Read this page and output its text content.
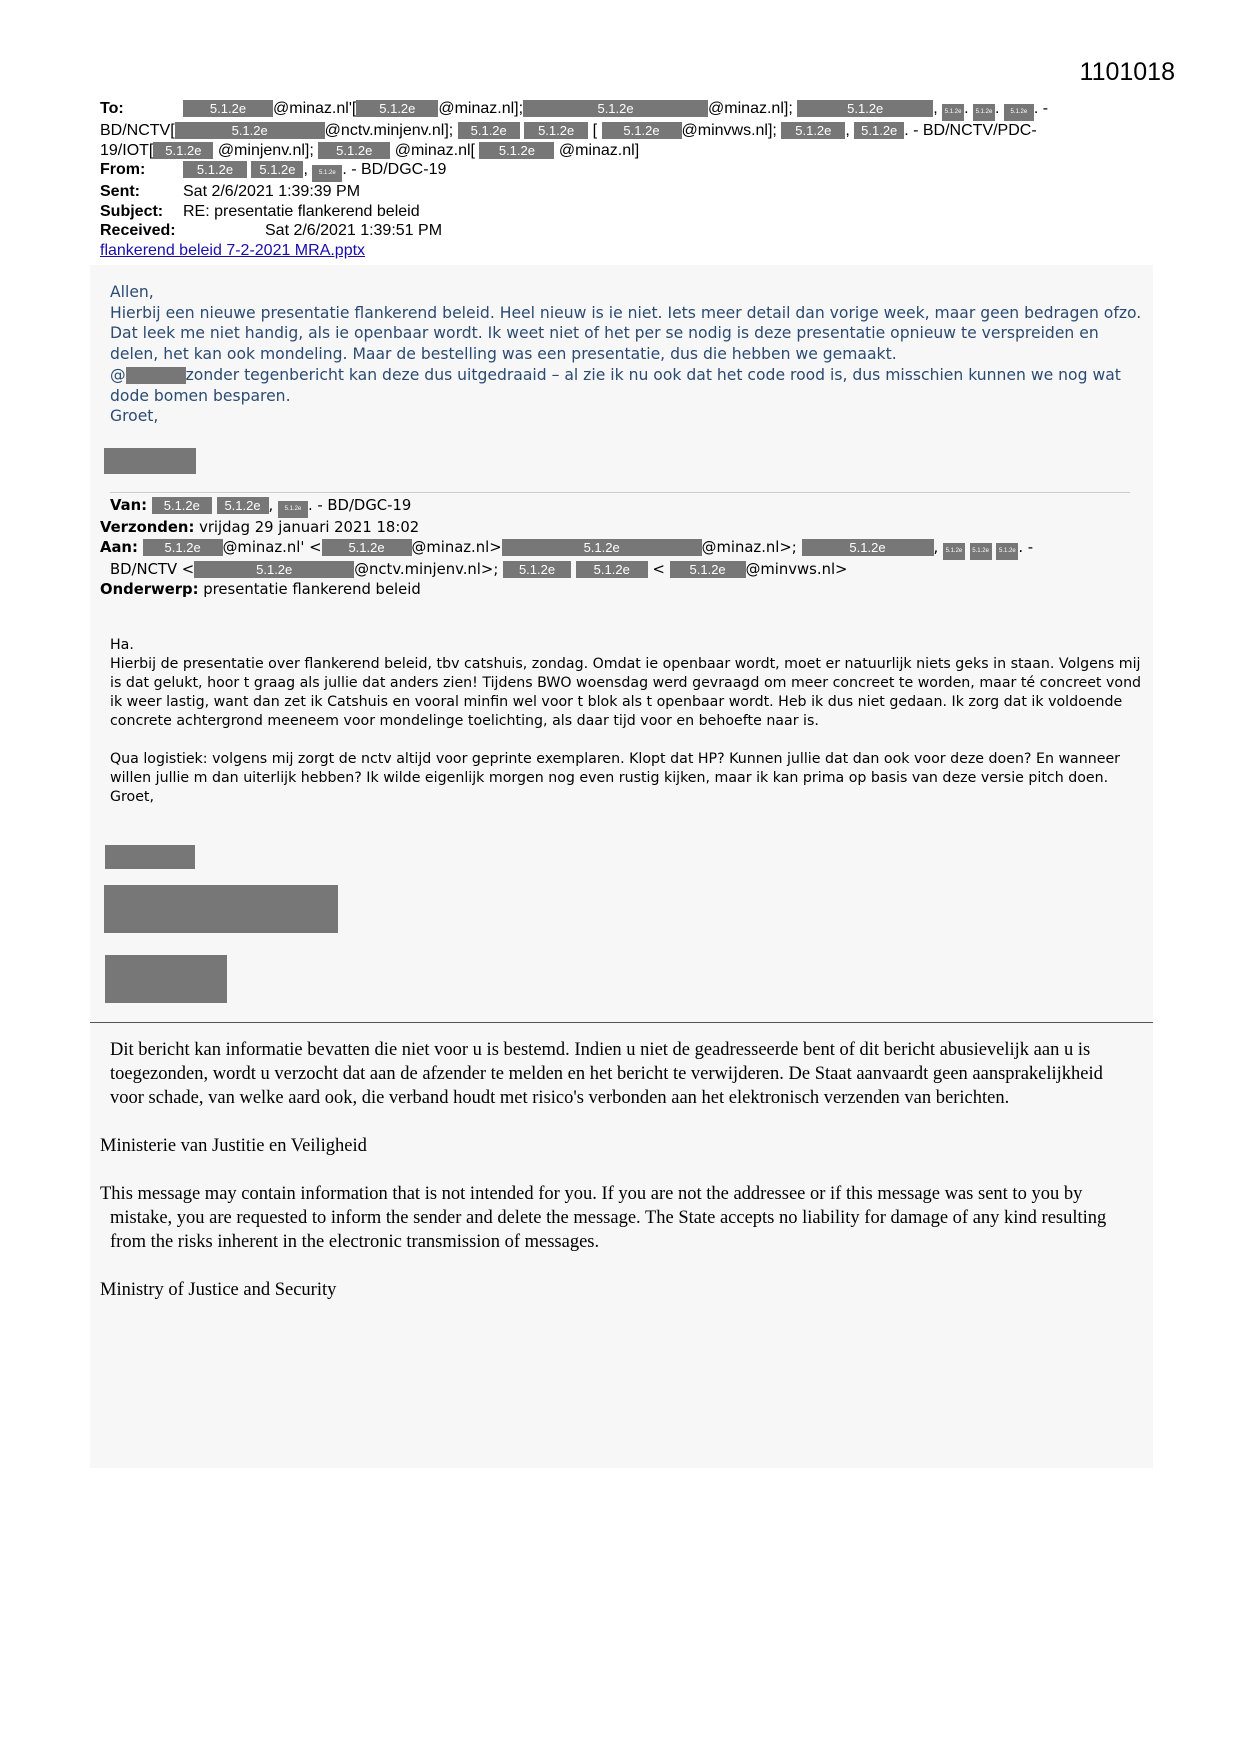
1101018
To:	5.1.2e @minaz.nl'[ 5.1.2e @minaz.nl];	5.1.2e	@minaz.nl];	5.1.2e	, 5.1.2e . 5.1.2e . 5.1.2e . -
BD/NCTV[	5.1.2e	@nctv.minjenv.nl]; 5.1.2e 5.1.2e [ 5.1.2e @minvws.nl]; 5.1.2e , 5.1.2e . - BD/NCTV/PDC-
19/IOT[ 5.1.2e @minjenv.nl]; 5.1.2e @minaz.nl[ 5.1.2e @minaz.nl]
From:	5.1.2e 5.1.2e , 5.1.2e . - BD/DGC-19
Sent:	Sat 2/6/2021 1:39:39 PM
Subject: RE: presentatie flankerend beleid
Received:	Sat 2/6/2021 1:39:51 PM
flankerend beleid 7-2-2021 MRA.pptx
Allen,
Hierbij een nieuwe presentatie flankerend beleid. Heel nieuw is ie niet. Iets meer detail dan vorige week, maar geen bedragen ofzo. Dat leek me niet handig, als ie openbaar wordt. Ik weet niet of het per se nodig is deze presentatie opnieuw te verspreiden en delen, het kan ook mondeling. Maar de bestelling was een presentatie, dus die hebben we gemaakt.
@	zonder tegenbericht kan deze dus uitgedraaid – al zie ik nu ook dat het code rood is, dus misschien kunnen we nog wat dode bomen besparen.
Groet,
Van: 5.1.2e 5.1.2e , 5.1.2e . - BD/DGC-19
Verzonden: vrijdag 29 januari 2021 18:02
Aan: 5.1.2e @minaz.nl' < 5.1.2e @minaz.nl>	5.1.2e	@minaz.nl>;	5.1.2e	, 5.1.2e 5.1.2e 5.1.2e . -
BD/NCTV <	5.1.2e	@nctv.minjenv.nl>; 5.1.2e	5.1.2e < 5.1.2e @minvws.nl>
Onderwerp: presentatie flankerend beleid
Ha.

Hierbij de presentatie over flankerend beleid, tbv catshuis, zondag. Omdat ie openbaar wordt, moet er natuurlijk niets geks in staan. Volgens mij is dat gelukt, hoor t graag als jullie dat anders zien! Tijdens BWO woensdag werd gevraagd om meer concreet te worden, maar té concreet vond ik weer lastig, want dan zet ik Catshuis en vooral minfin wel voor t blok als t openbaar wordt. Heb ik dus niet gedaan. Ik zorg dat ik voldoende concrete achtergrond meeneem voor mondelinge toelichting, als daar tijd voor en behoefte naar is.

Qua logistiek: volgens mij zorgt de nctv altijd voor geprinte exemplaren. Klopt dat HP? Kunnen jullie dat dan ook voor deze doen? En wanneer willen jullie m dan uiterlijk hebben? Ik wilde eigenlijk morgen nog even rustig kijken, maar ik kan prima op basis van deze versie pitch doen.
Groet,

Dit bericht kan informatie bevatten die niet voor u is bestemd. Indien u niet de geadresseerde bent of dit bericht abusievelijk aan u is toegezonden, wordt u verzocht dat aan de afzender te melden en het bericht te verwijderen. De Staat aanvaardt geen aansprakelijkheid voor schade, van welke aard ook, die verband houdt met risico's verbonden aan het elektronisch verzenden van berichten.

Ministerie van Justitie en Veiligheid

This message may contain information that is not intended for you. If you are not the addressee or if this message was sent to you by mistake, you are requested to inform the sender and delete the message. The State accepts no liability for damage of any kind resulting from the risks inherent in the electronic transmission of messages.

Ministry of Justice and Security
